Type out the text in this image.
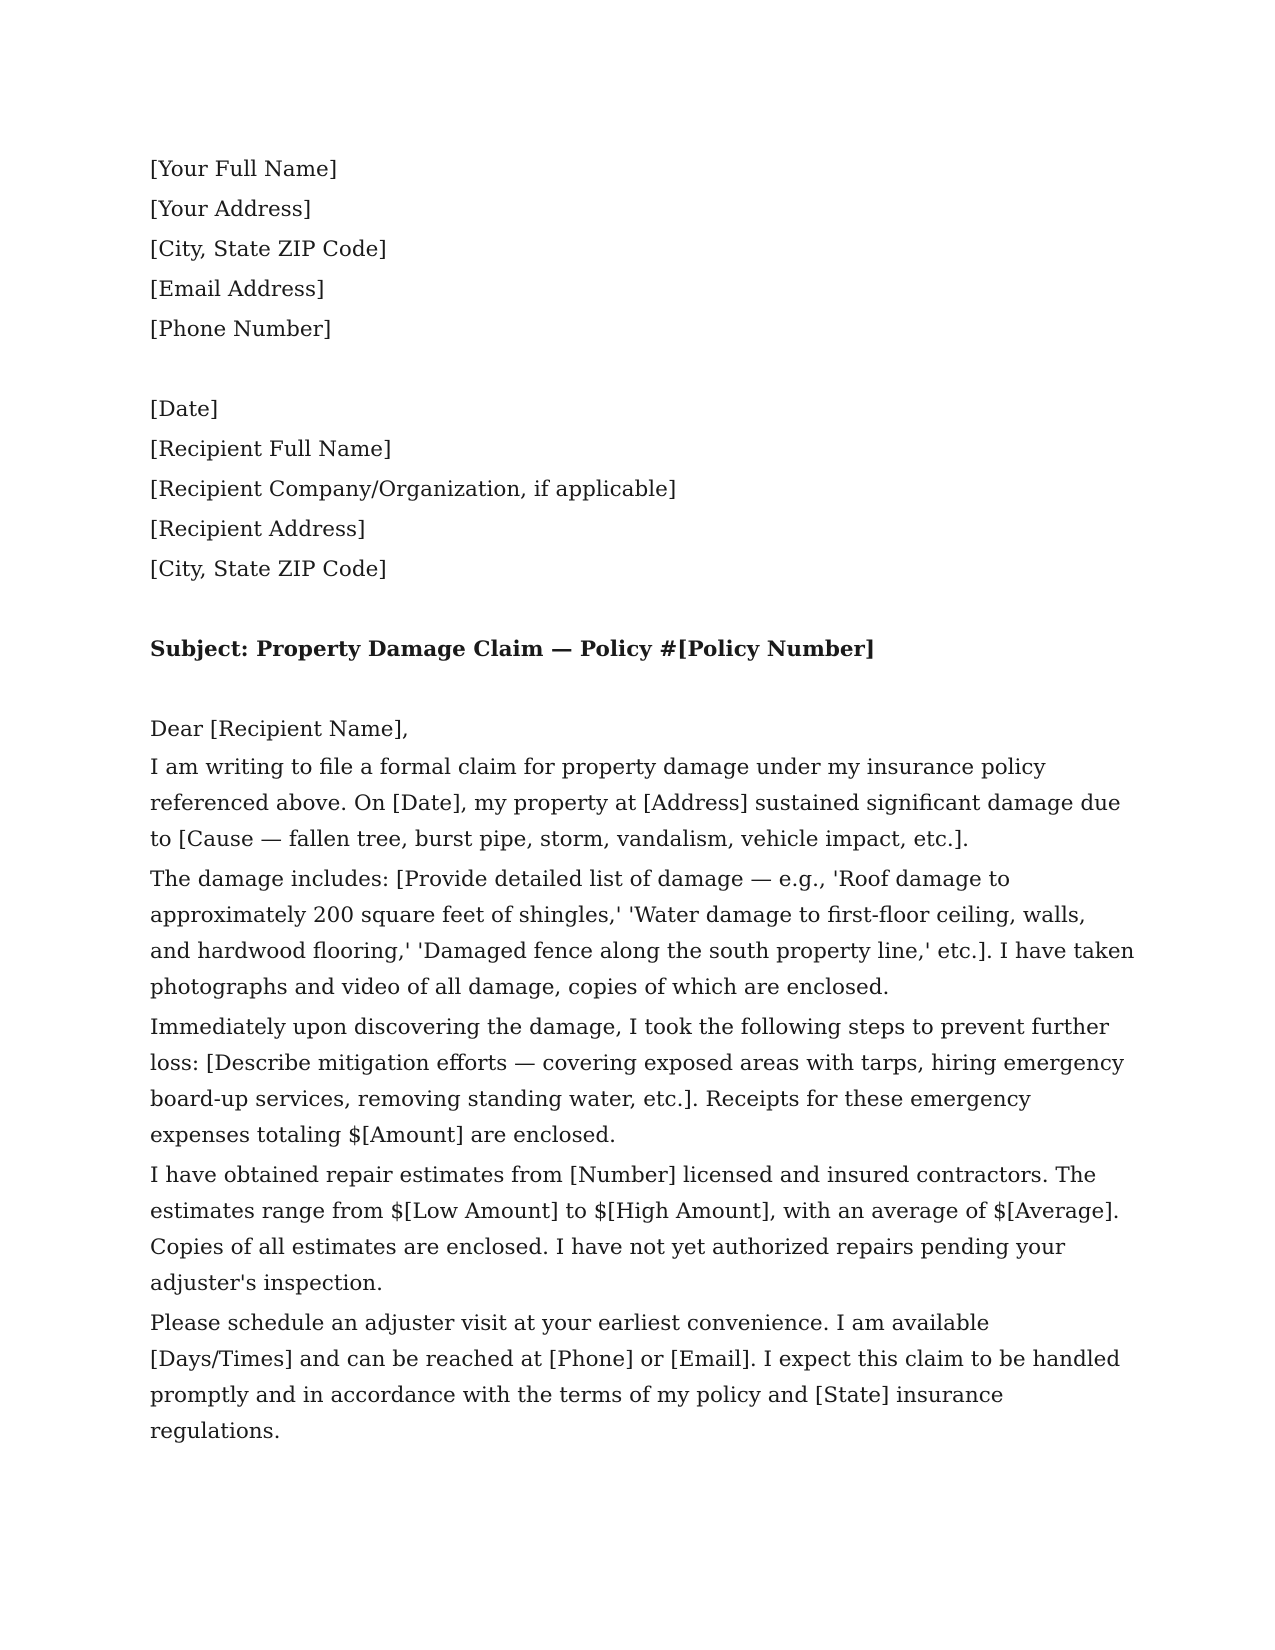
[Your Full Name]
[Your Address]
[City, State ZIP Code]
[Email Address]
[Phone Number]
[Date]
[Recipient Full Name]
[Recipient Company/Organization, if applicable]
[Recipient Address]
[City, State ZIP Code]
Subject: Property Damage Claim — Policy #[Policy Number]
Dear [Recipient Name],
I am writing to file a formal claim for property damage under my insurance policy
referenced above. On [Date], my property at [Address] sustained significant damage due
to [Cause — fallen tree, burst pipe, storm, vandalism, vehicle impact, etc.].
The damage includes: [Provide detailed list of damage — e.g., 'Roof damage to
approximately 200 square feet of shingles,' 'Water damage to first-floor ceiling, walls,
and hardwood flooring,' 'Damaged fence along the south property line,' etc.]. I have taken
photographs and video of all damage, copies of which are enclosed.
Immediately upon discovering the damage, I took the following steps to prevent further
loss: [Describe mitigation efforts — covering exposed areas with tarps, hiring emergency
board-up services, removing standing water, etc.]. Receipts for these emergency
expenses totaling $[Amount] are enclosed.
I have obtained repair estimates from [Number] licensed and insured contractors. The
estimates range from $[Low Amount] to $[High Amount], with an average of $[Average].
Copies of all estimates are enclosed. I have not yet authorized repairs pending your
adjuster's inspection.
Please schedule an adjuster visit at your earliest convenience. I am available
[Days/Times] and can be reached at [Phone] or [Email]. I expect this claim to be handled
promptly and in accordance with the terms of my policy and [State] insurance
regulations.
